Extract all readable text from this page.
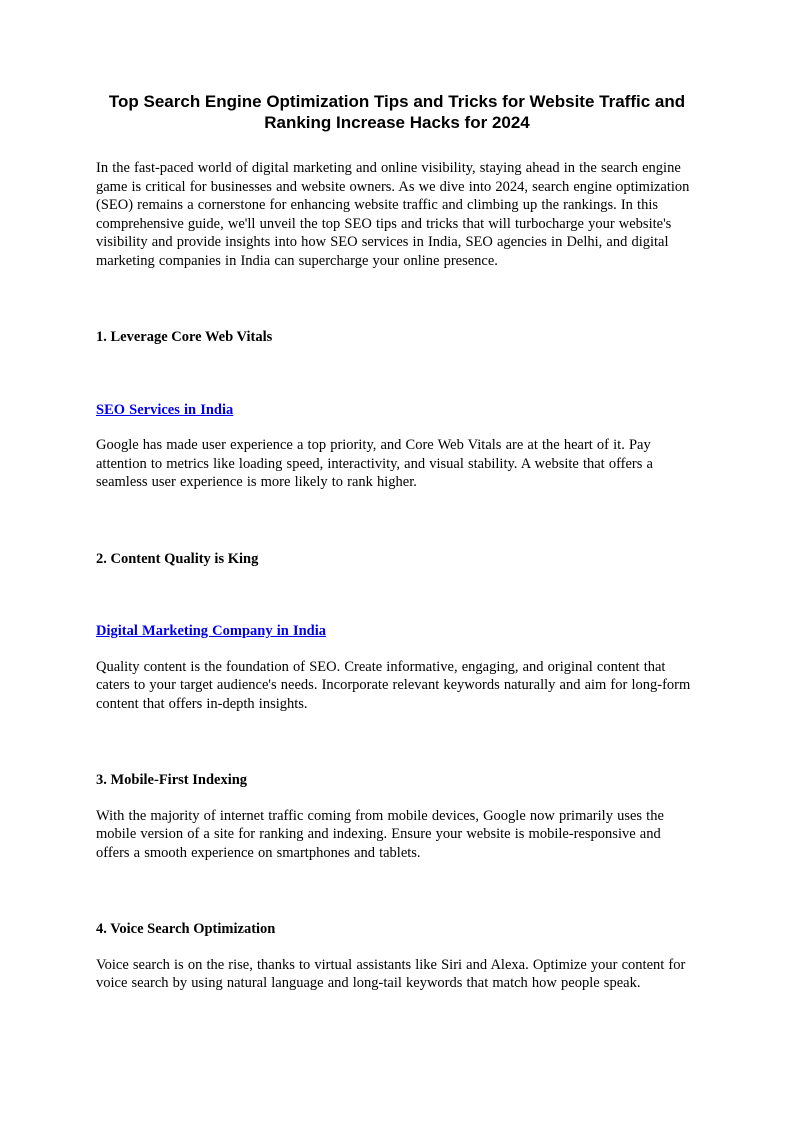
Top Search Engine Optimization Tips and Tricks for Website Traffic and Ranking Increase Hacks for 2024

In the fast-paced world of digital marketing and online visibility, staying ahead in the search engine game is critical for businesses and website owners. As we dive into 2024, search engine optimization (SEO) remains a cornerstone for enhancing website traffic and climbing up the rankings. In this comprehensive guide, we'll unveil the top SEO tips and tricks that will turbocharge your website's visibility and provide insights into how SEO services in India, SEO agencies in Delhi, and digital marketing companies in India can supercharge your online presence.

1. Leverage Core Web Vitals

SEO Services in India

Google has made user experience a top priority, and Core Web Vitals are at the heart of it. Pay attention to metrics like loading speed, interactivity, and visual stability. A website that offers a seamless user experience is more likely to rank higher.

2. Content Quality is King

Digital Marketing Company in India

Quality content is the foundation of SEO. Create informative, engaging, and original content that caters to your target audience's needs. Incorporate relevant keywords naturally and aim for long-form content that offers in-depth insights.

3. Mobile-First Indexing

With the majority of internet traffic coming from mobile devices, Google now primarily uses the mobile version of a site for ranking and indexing. Ensure your website is mobile-responsive and offers a smooth experience on smartphones and tablets.

4. Voice Search Optimization

Voice search is on the rise, thanks to virtual assistants like Siri and Alexa. Optimize your content for voice search by using natural language and long-tail keywords that match how people speak.
